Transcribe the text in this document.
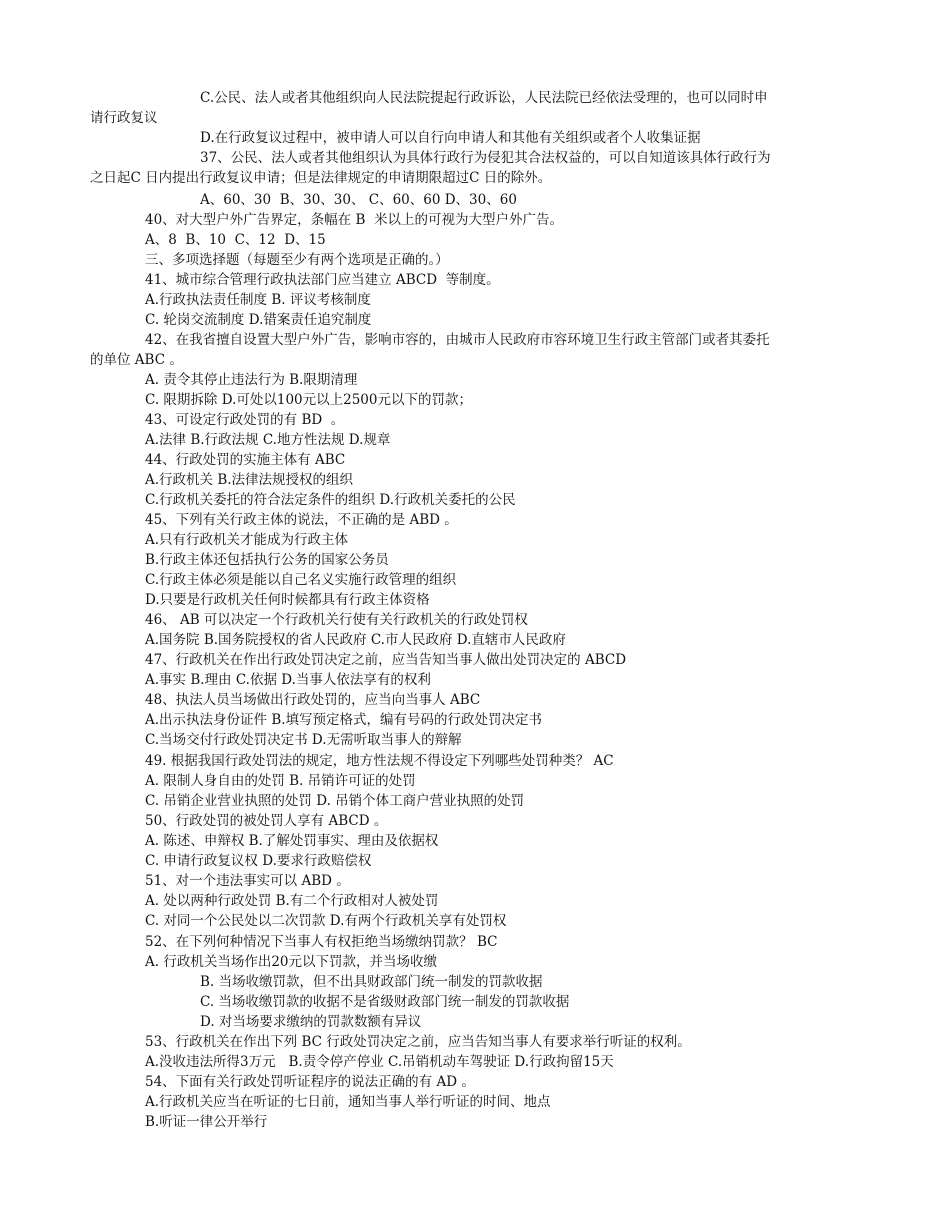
C.公民、法人或者其他组织向人民法院提起行政诉讼，人民法院已经依法受理的，也可以同时申
请行政复议
D.在行政复议过程中，被申请人可以自行向申请人和其他有关组织或者个人收集证据
37、公民、法人或者其他组织认为具体行政行为侵犯其合法权益的，可以自知道该具体行政行为
之日起C 日内提出行政复议申请；但是法律规定的申请期限超过C 日的除外。
A、60、30  B、30、30、 C、60、60 D、30、60
40、对大型户外广告界定，条幅在 B  米以上的可视为大型户外广告。
A、8  B、10  C、12  D、15
三、多项选择题（每题至少有两个选项是正确的。）
41、城市综合管理行政执法部门应当建立 ABCD  等制度。
A.行政执法责任制度 B. 评议考核制度
C. 轮岗交流制度 D.错案责任追究制度
42、在我省擅自设置大型户外广告，影响市容的，由城市人民政府市容环境卫生行政主管部门或者其委托
的单位 ABC 。
A. 责令其停止违法行为 B.限期清理
C. 限期拆除 D.可处以100元以上2500元以下的罚款；
43、可设定行政处罚的有 BD  。
A.法律 B.行政法规 C.地方性法规 D.规章
44、行政处罚的实施主体有 ABC
A.行政机关 B.法律法规授权的组织
C.行政机关委托的符合法定条件的组织 D.行政机关委托的公民
45、下列有关行政主体的说法，不正确的是 ABD 。
A.只有行政机关才能成为行政主体
B.行政主体还包括执行公务的国家公务员
C.行政主体必须是能以自己名义实施行政管理的组织
D.只要是行政机关任何时候都具有行政主体资格
46、 AB 可以决定一个行政机关行使有关行政机关的行政处罚权
A.国务院 B.国务院授权的省人民政府 C.市人民政府 D.直辖市人民政府
47、行政机关在作出行政处罚决定之前，应当告知当事人做出处罚决定的 ABCD
A.事实 B.理由 C.依据 D.当事人依法享有的权利
48、执法人员当场做出行政处罚的，应当向当事人 ABC
A.出示执法身份证件 B.填写预定格式，编有号码的行政处罚决定书
C.当场交付行政处罚决定书 D.无需听取当事人的辩解
49. 根据我国行政处罚法的规定，地方性法规不得设定下列哪些处罚种类？ AC
A. 限制人身自由的处罚 B. 吊销许可证的处罚
C. 吊销企业营业执照的处罚 D. 吊销个体工商户营业执照的处罚
50、行政处罚的被处罚人享有 ABCD 。
A. 陈述、申辩权 B.了解处罚事实、理由及依据权
C. 申请行政复议权 D.要求行政赔偿权
51、对一个违法事实可以 ABD 。
A. 处以两种行政处罚 B.有二个行政相对人被处罚
C. 对同一个公民处以二次罚款 D.有两个行政机关享有处罚权
52、在下列何种情况下当事人有权拒绝当场缴纳罚款？ BC
A. 行政机关当场作出20元以下罚款，并当场收缴
B. 当场收缴罚款，但不出具财政部门统一制发的罚款收据
C. 当场收缴罚款的收据不是省级财政部门统一制发的罚款收据
D. 对当场要求缴纳的罚款数额有异议
53、行政机关在作出下列 BC 行政处罚决定之前，应当告知当事人有要求举行听证的权利。
A.没收违法所得3万元   B.责令停产停业 C.吊销机动车驾驶证 D.行政拘留15天
54、下面有关行政处罚听证程序的说法正确的有 AD 。
A.行政机关应当在听证的七日前，通知当事人举行听证的时间、地点
B.听证一律公开举行
